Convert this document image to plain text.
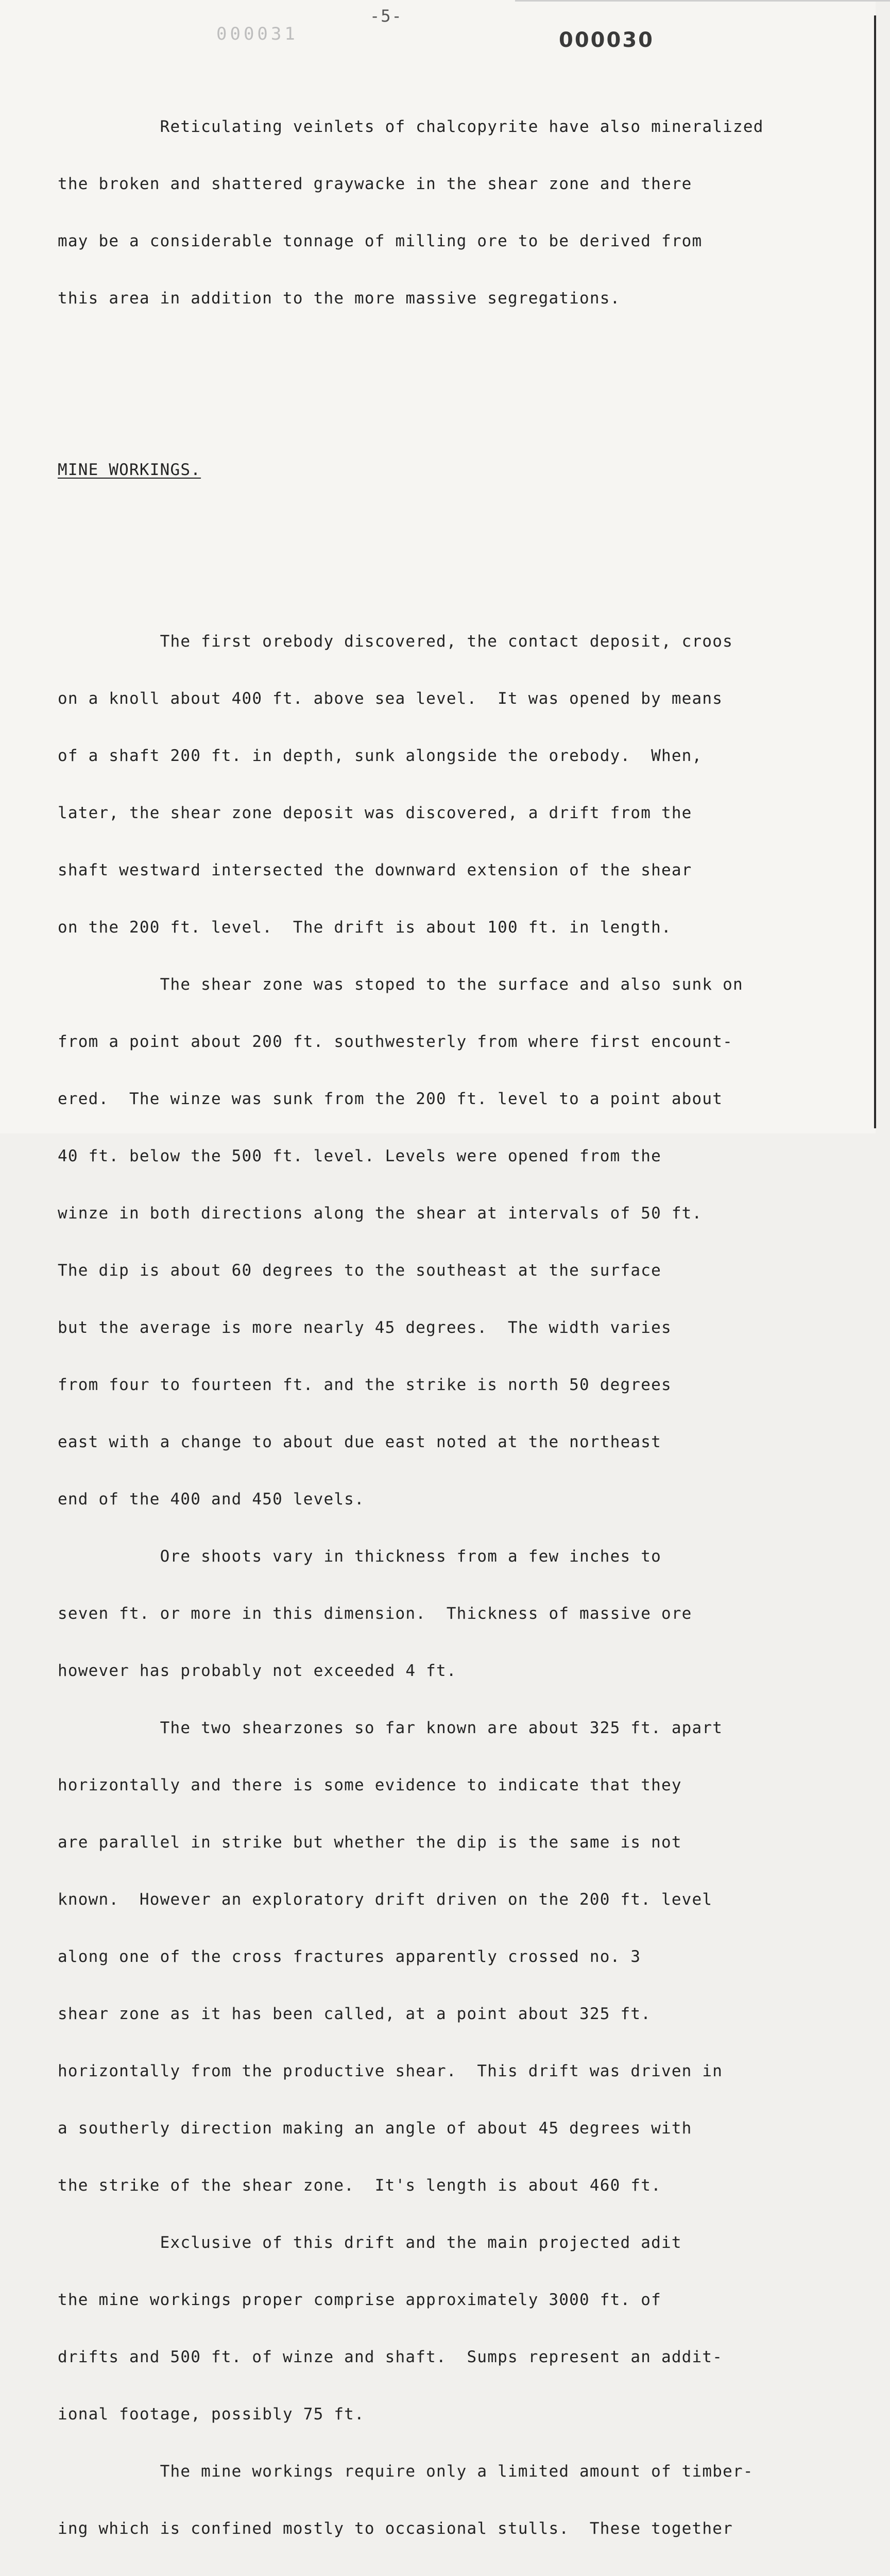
-5-
000031	000030

Reticulating veinlets of chalcopyrite have also mineralized

the broken and shattered graywacke in the shear zone and there

may be a considerable tonnage of milling ore to be derived from

this area in addition to the more massive segregations.

MINE WORKINGS.

The first orebody discovered, the contact deposit, croos

on a knoll about 400 ft. above sea level.  It was opened by means

of a shaft 200 ft. in depth, sunk alongside the orebody.  When,

later, the shear zone deposit was discovered, a drift from the

shaft westward intersected the downward extension of the shear

on the 200 ft. level.  The drift is about 100 ft. in length.

The shear zone was stoped to the surface and also sunk on

from a point about 200 ft. southwesterly from where first encount-

ered.  The winze was sunk from the 200 ft. level to a point about

40 ft. below the 500 ft. level. Levels were opened from the

winze in both directions along the shear at intervals of 50 ft.

The dip is about 60 degrees to the southeast at the surface

but the average is more nearly 45 degrees.  The width varies

from four to fourteen ft. and the strike is north 50 degrees

east with a change to about due east noted at the northeast

end of the 400 and 450 levels.

Ore shoots vary in thickness from a few inches to

seven ft. or more in this dimension.  Thickness of massive ore

however has probably not exceeded 4 ft.

The two shearzones so far known are about 325 ft. apart

horizontally and there is some evidence to indicate that they

are parallel in strike but whether the dip is the same is not

known.  However an exploratory drift driven on the 200 ft. level

along one of the cross fractures apparently crossed no. 3

shear zone as it has been called, at a point about 325 ft.

horizontally from the productive shear.  This drift was driven in

a southerly direction making an angle of about 45 degrees with

the strike of the shear zone.  It's length is about 460 ft.

Exclusive of this drift and the main projected adit

the mine workings proper comprise approximately 3000 ft. of

drifts and 500 ft. of winze and shaft.  Sumps represent an addit-

ional footage, possibly 75 ft.

The mine workings require only a limited amount of timber-

ing which is confined mostly to occasional stulls.  These together
